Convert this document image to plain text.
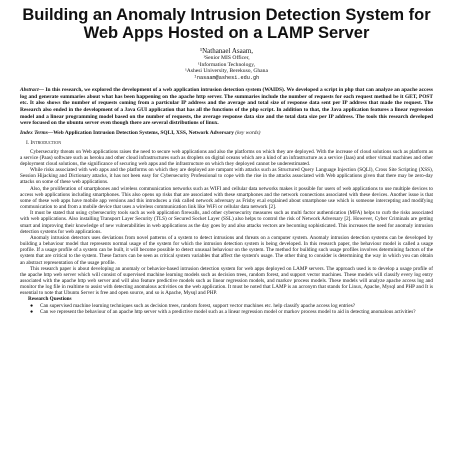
Building an Anomaly Intrusion Detection System for Web Apps Hosted on a LAMP Server
¹Nathanael Asaam,
¹Senior MIS Officer,
¹Information Technology,
¹Ashesi University, Berekuso, Ghana
¹nasaam@ashesi.edu.gh

Abstract— In this research, we explored the development of a web application intrusion detection system (WAIDS). We developed a script in php that can analyze an apache access log and generate summaries about what has been happening on the apache http server. The summaries include the number of requests for each request method be it GET, POST etc. It also shows the number of requests coming from a particular IP address and the average and total size of response data sent per IP address that made the request. The Research also ended in the development of a Java GUI application that has all the functions of the php script. In addition to that, the Java application features a linear regression model and a linear programming model based on the number of requests, the average response data size and the total data size per IP address. The tools this research developed were focused on the ubuntu server even though there are several distributions of linux.

Index Terms—Web Application Intrusion Detection Systems, SQLI, XSS, Network Adversary (key words)

I. Introduction

Cybersecurity threats on Web applications raises the need to secure web applications and also the platforms on which they are deployed. With the increase of cloud solutions such as platform as a service (Paas) software such as heroku and other cloud infrastructures such as droplets on digital oceans which are a kind of an infrastructure as a service (Iaas) and other virtual machines and other deployment cloud solutions, the significance of securing web apps and the infrastructure on which they deployed cannot be underestimated.

While risks associated with web apps and the platforms on which they are deployed are rampant with attacks such as Structured Query Language Injection (SQLI), Cross Site Scripting (XSS), Session Hijacking and Dictionary attacks, it has not been easy for Cybersecurity Professional to cope with the rise in the attacks associated with Web applications given that there may be zero-day attacks on some of these web applications.

Also, the proliferation of smartphones and wireless communication networks such as WIFI and cellular data networks makes it possible for users of web applications to use multiple devices to access web applications including smartphones. This also opens up risks that are associated with these smartphones and the network connections associated with these devices. Another issue is that some of these web apps have mobile app versions and this introduces a risk called network adversary as Frisby et.al explained about smartphone use which is someone intercepting and modifying communication to and from a mobile device that uses a wireless communication link like WiFi or cellular data network [2].

It must be stated that using cybersecurity tools such as web application firewalls, and other cybersecurity measures such as multi factor authentication (MFA) helps to curb the risks associated with web applications. Also installing Transport Layer Security (TLS) or Secured Socket Layer (SSL) also helps to control the risk of Network Adversary [2]. However, Cyber Criminals are getting smart and improving their knowledge of new vulnerabilities in web applications as the day goes by and also attacks vectors are becoming sophisticated. This increases the need for anomaly intrusion detection systems for web applications.

Anomaly intrusion detectors uses deviations from novel patterns of a system to detect intrusions and threats on a computer system. Anomaly intrusion detection systems can be developed by building a behaviour model that represents normal usage of the system for which the intrusion detection system is being developed. In this research paper, the behaviour model is called a usage profile. If a usage profile of a system can be built, it will become possible to detect unusual behaviour on the system. The method for building such usage profiles involves determining factors of the system that are critical to the system. These factors can be seen as critical system variables that affect the system's usage. The other thing to consider is determining the way in which you can obtain an abstract representation of the usage profile.

This research paper is about developing an anomaly or behavior-based intrusion detection system for web apps deployed on LAMP servers. The approach used is to develop a usage profile of the apache http web server which will consist of supervised machine learning models such as decision trees, random forest, and support vector machines. These models will classify every log entry associated with the apache http web server and will also feature predictive models such as linear regression models, and markov process models. These models will analyze apache access log and monitor the log file in realtime to assist with detecting anomalous activities on the web application. It must be noted that LAMP is an acronym that stands for Linux, Apache, Mysql and PHP and It is essential to note that Ubuntu Server is free and open source, and so is Apache, Mysql and PHP.

Research Questions
● Can supervised machine learning techniques such as decision trees, random forest, support vector machines etc. help classify apache access log entries?
● Can we represent the behaviour of an apache http server with a predictive model such as a linear regression model or markov process model to aid in detecting anomalous activities?
